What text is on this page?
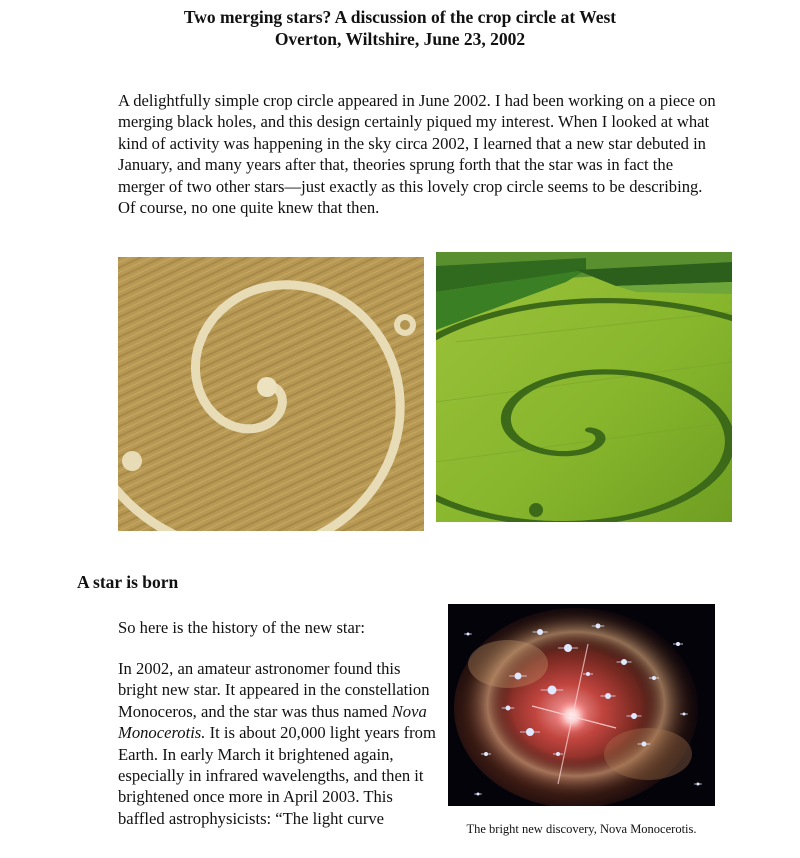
Two merging stars? A discussion of the crop circle at West
Overton, Wiltshire, June 23, 2002
A delightfully simple crop circle appeared in June 2002. I had been working on a piece on merging black holes, and this design certainly piqued my interest. When I looked at what kind of activity was happening in the sky circa 2002, I learned that a new star debuted in January, and many years after that, theories sprung forth that the star was in fact the merger of two other stars—just exactly as this lovely crop circle seems to be describing. Of course, no one quite knew that then.
A star is born
So here is the history of the new star:
In 2002, an amateur astronomer found this bright new star. It appeared in the constellation Monoceros, and the star was thus named Nova Monocerotis. It is about 20,000 light years from Earth. In early March it brightened again, especially in infrared wavelengths, and then it brightened once more in April 2003. This baffled astrophysicists: “The light curve
The bright new discovery, Nova Monocerotis.
